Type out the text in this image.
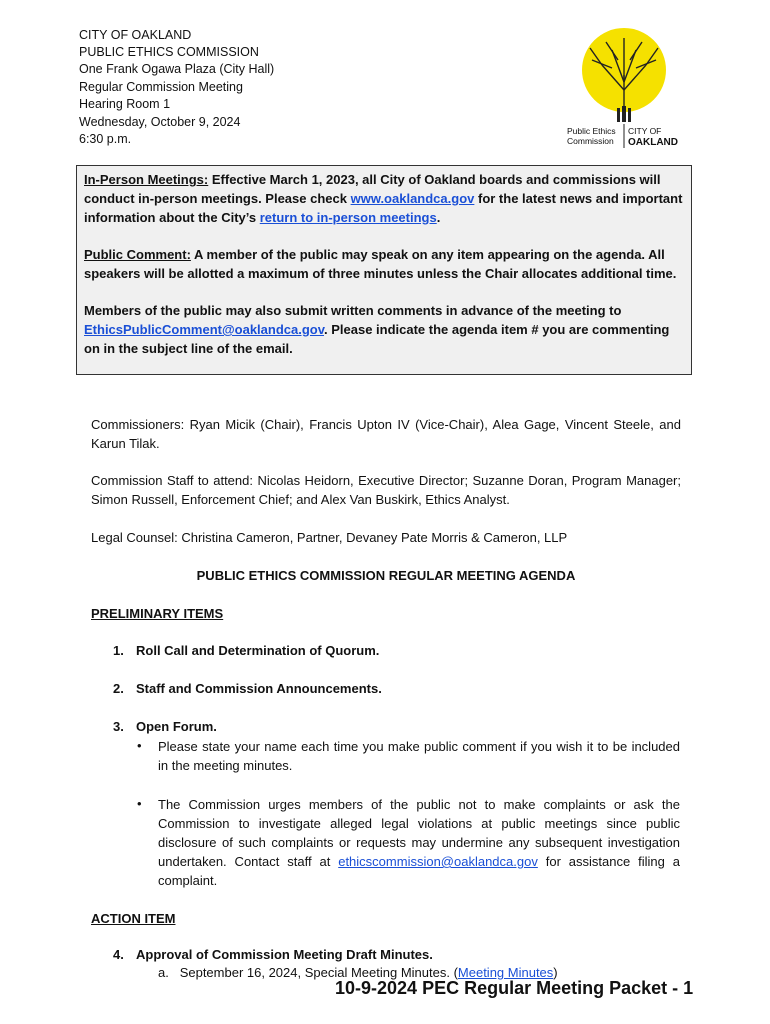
CITY OF OAKLAND
PUBLIC ETHICS COMMISSION
One Frank Ogawa Plaza (City Hall)
Regular Commission Meeting
Hearing Room 1
Wednesday, October 9, 2024
6:30 p.m.
Public Ethics
Commission
CITY OF
OAKLAND

In-Person Meetings: Effective March 1, 2023, all City of Oakland boards and commissions will conduct in-person meetings. Please check www.oaklandca.gov for the latest news and important information about the City’s return to in-person meetings.

Public Comment: A member of the public may speak on any item appearing on the agenda. All speakers will be allotted a maximum of three minutes unless the Chair allocates additional time.

Members of the public may also submit written comments in advance of the meeting to EthicsPublicComment@oaklandca.gov. Please indicate the agenda item # you are commenting on in the subject line of the email.

Commissioners: Ryan Micik (Chair), Francis Upton IV (Vice-Chair), Alea Gage, Vincent Steele, and Karun Tilak.
Commission Staff to attend: Nicolas Heidorn, Executive Director; Suzanne Doran, Program Manager; Simon Russell, Enforcement Chief; and Alex Van Buskirk, Ethics Analyst.
Legal Counsel: Christina Cameron, Partner, Devaney Pate Morris & Cameron, LLP
PUBLIC ETHICS COMMISSION REGULAR MEETING AGENDA
PRELIMINARY ITEMS
1. Roll Call and Determination of Quorum.
2. Staff and Commission Announcements.
3. Open Forum.
• Please state your name each time you make public comment if you wish it to be included in the meeting minutes.
• The Commission urges members of the public not to make complaints or ask the Commission to investigate alleged legal violations at public meetings since public disclosure of such complaints or requests may undermine any subsequent investigation undertaken. Contact staff at ethicscommission@oaklandca.gov for assistance filing a complaint.
ACTION ITEM
4. Approval of Commission Meeting Draft Minutes.
a. September 16, 2024, Special Meeting Minutes. (Meeting Minutes)
10-9-2024 PEC Regular Meeting Packet - 1
